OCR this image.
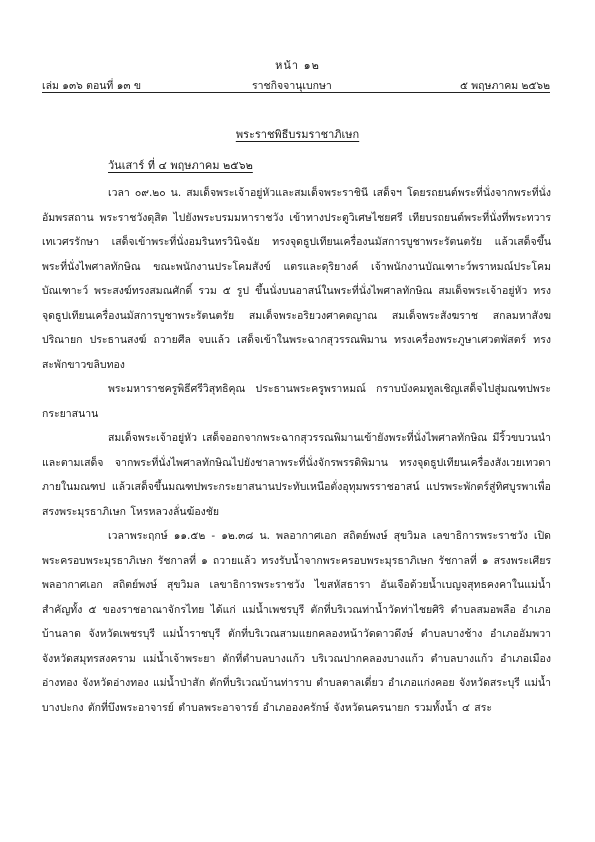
หน้า ๑๒
เล่ม ๑๓๖ ตอนที่ ๑๓ ข	ราชกิจจานุเบกษา	๕ พฤษภาคม ๒๕๖๒
พระราชพิธีบรมราชาภิเษก
วันเสาร์ ที่ ๔ พฤษภาคม ๒๕๖๒

เวลา ๐๙.๒๐ น. สมเด็จพระเจ้าอยู่หัวและสมเด็จพระราชินี เสด็จฯ โดยรถยนต์พระที่นั่งจากพระที่นั่งอัมพรสถาน พระราชวังดุสิต ไปยังพระบรมมหาราชวัง เข้าทางประตูวิเศษไชยศรี เทียบรถยนต์พระที่นั่งที่พระทวารเทเวศรรักษา เสด็จเข้าพระที่นั่งอมรินทรวินิจฉัย ทรงจุดธูปเทียนเครื่องนมัสการบูชาพระรัตนตรัย แล้วเสด็จขึ้นพระที่นั่งไพศาลทักษิณ ขณะพนักงานประโคมสังข์ แตรและดุริยางค์ เจ้าพนักงานบัณเฑาะว์พราหมณ์ประโคมบัณเฑาะว์ พระสงฆ์ทรงสมณศักดิ์ รวม ๕ รูป ขึ้นนั่งบนอาสน์ในพระที่นั่งไพศาลทักษิณ สมเด็จพระเจ้าอยู่หัว ทรงจุดธูปเทียนเครื่องนมัสการบูชาพระรัตนตรัย สมเด็จพระอริยวงศาคตญาณ สมเด็จพระสังฆราช สกลมหาสังฆปริณายก ประธานสงฆ์ ถวายศีล จบแล้ว เสด็จเข้าในพระฉากสุวรรณพิมาน ทรงเครื่องพระภูษาเศวตพัสตร์ ทรงสะพักขาวขลิบทอง

พระมหาราชครูพิธีศรีวิสุทธิคุณ ประธานพระครูพราหมณ์ กราบบังคมทูลเชิญเสด็จไปสู่มณฑปพระกระยาสนาน

สมเด็จพระเจ้าอยู่หัว เสด็จออกจากพระฉากสุวรรณพิมานเข้ายังพระที่นั่งไพศาลทักษิณ มีริ้วขบวนนำและตามเสด็จ จากพระที่นั่งไพศาลทักษิณไปยังชาลาพระที่นั่งจักรพรรดิพิมาน ทรงจุดธูปเทียนเครื่องสังเวยเทวดาภายในมณฑป แล้วเสด็จขึ้นมณฑปพระกระยาสนานประทับเหนือตั่งอุทุมพรราชอาสน์ แปรพระพักตร์สู่ทิศบูรพาเพื่อสรงพระมุรธาภิเษก โหรหลวงลั่นฆ้องชัย

เวลาพระฤกษ์ ๑๑.๕๒ - ๑๒.๓๘ น. พลอากาศเอก สถิตย์พงษ์ สุขวิมล เลขาธิการพระราชวัง เปิดพระครอบพระมุรธาภิเษก รัชกาลที่ ๑ ถวายแล้ว ทรงรับน้ำจากพระครอบพระมุรธาภิเษก รัชกาลที่ ๑ สรงพระเศียร พลอากาศเอก สถิตย์พงษ์ สุขวิมล เลขาธิการพระราชวัง ไขสหัสธารา อันเจือด้วยน้ำเบญจสุทธคงคาในแม่น้ำสำคัญทั้ง ๕ ของราชอาณาจักรไทย ได้แก่ แม่น้ำเพชรบุรี ตักที่บริเวณท่าน้ำวัดท่าไชยศิริ ตำบลสมอพลือ อำเภอบ้านลาด จังหวัดเพชรบุรี แม่น้ำราชบุรี ตักที่บริเวณสามแยกคลองหน้าวัดดาวดึงษ์ ตำบลบางช้าง อำเภออัมพวา จังหวัดสมุทรสงคราม แม่น้ำเจ้าพระยา ตักที่ตำบลบางแก้ว บริเวณปากคลองบางแก้ว ตำบลบางแก้ว อำเภอเมืองอ่างทอง จังหวัดอ่างทอง แม่น้ำป่าสัก ตักที่บริเวณบ้านท่าราบ ตำบลตาลเดี่ยว อำเภอแก่งคอย จังหวัดสระบุรี แม่น้ำบางปะกง ตักที่บึงพระอาจารย์ ตำบลพระอาจารย์ อำเภอองครักษ์ จังหวัดนครนายก รวมทั้งน้ำ ๔ สระ
